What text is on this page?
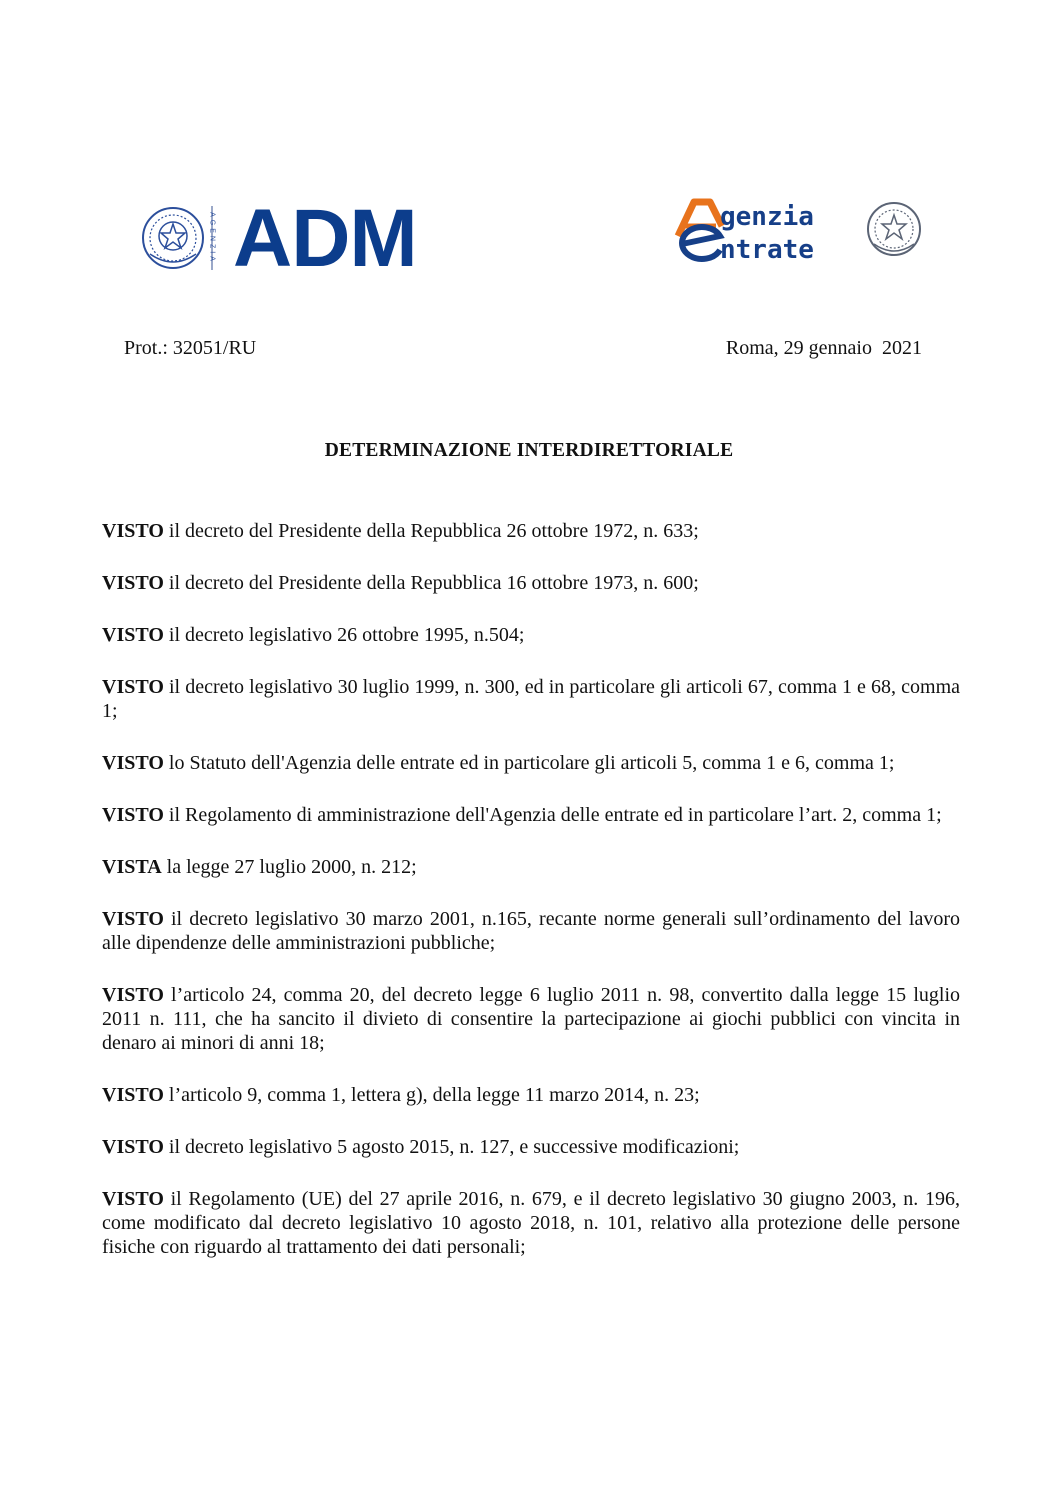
AGENZIA ADM	genzia
ntrate
Prot.: 32051/RU	Roma, 29 gennaio  2021
DETERMINAZIONE INTERDIRETTORIALE

VISTO il decreto del Presidente della Repubblica 26 ottobre 1972, n. 633;

VISTO il decreto del Presidente della Repubblica 16 ottobre 1973, n. 600;

VISTO il decreto legislativo 26 ottobre 1995, n.504;

VISTO il decreto legislativo 30 luglio 1999, n. 300, ed in particolare gli articoli 67, comma 1 e 68, comma 1;

VISTO lo Statuto dell'Agenzia delle entrate ed in particolare gli articoli 5, comma 1 e 6, comma 1;

VISTO il Regolamento di amministrazione dell'Agenzia delle entrate ed in particolare l’art. 2, comma 1;

VISTA la legge 27 luglio 2000, n. 212;

VISTO il decreto legislativo 30 marzo 2001, n.165, recante norme generali sull’ordinamento del lavoro alle dipendenze delle amministrazioni pubbliche;

VISTO l’articolo 24, comma 20, del decreto legge 6 luglio 2011 n. 98, convertito dalla legge 15 luglio 2011 n. 111, che ha sancito il divieto di consentire la partecipazione ai giochi pubblici con vincita in denaro ai minori di anni 18;

VISTO l’articolo 9, comma 1, lettera g), della legge 11 marzo 2014, n. 23;

VISTO il decreto legislativo 5 agosto 2015, n. 127, e successive modificazioni;

VISTO il Regolamento (UE) del 27 aprile 2016, n. 679, e il decreto legislativo 30 giugno 2003, n. 196, come modificato dal decreto legislativo 10 agosto 2018, n. 101, relativo alla protezione delle persone fisiche con riguardo al trattamento dei dati personali;
